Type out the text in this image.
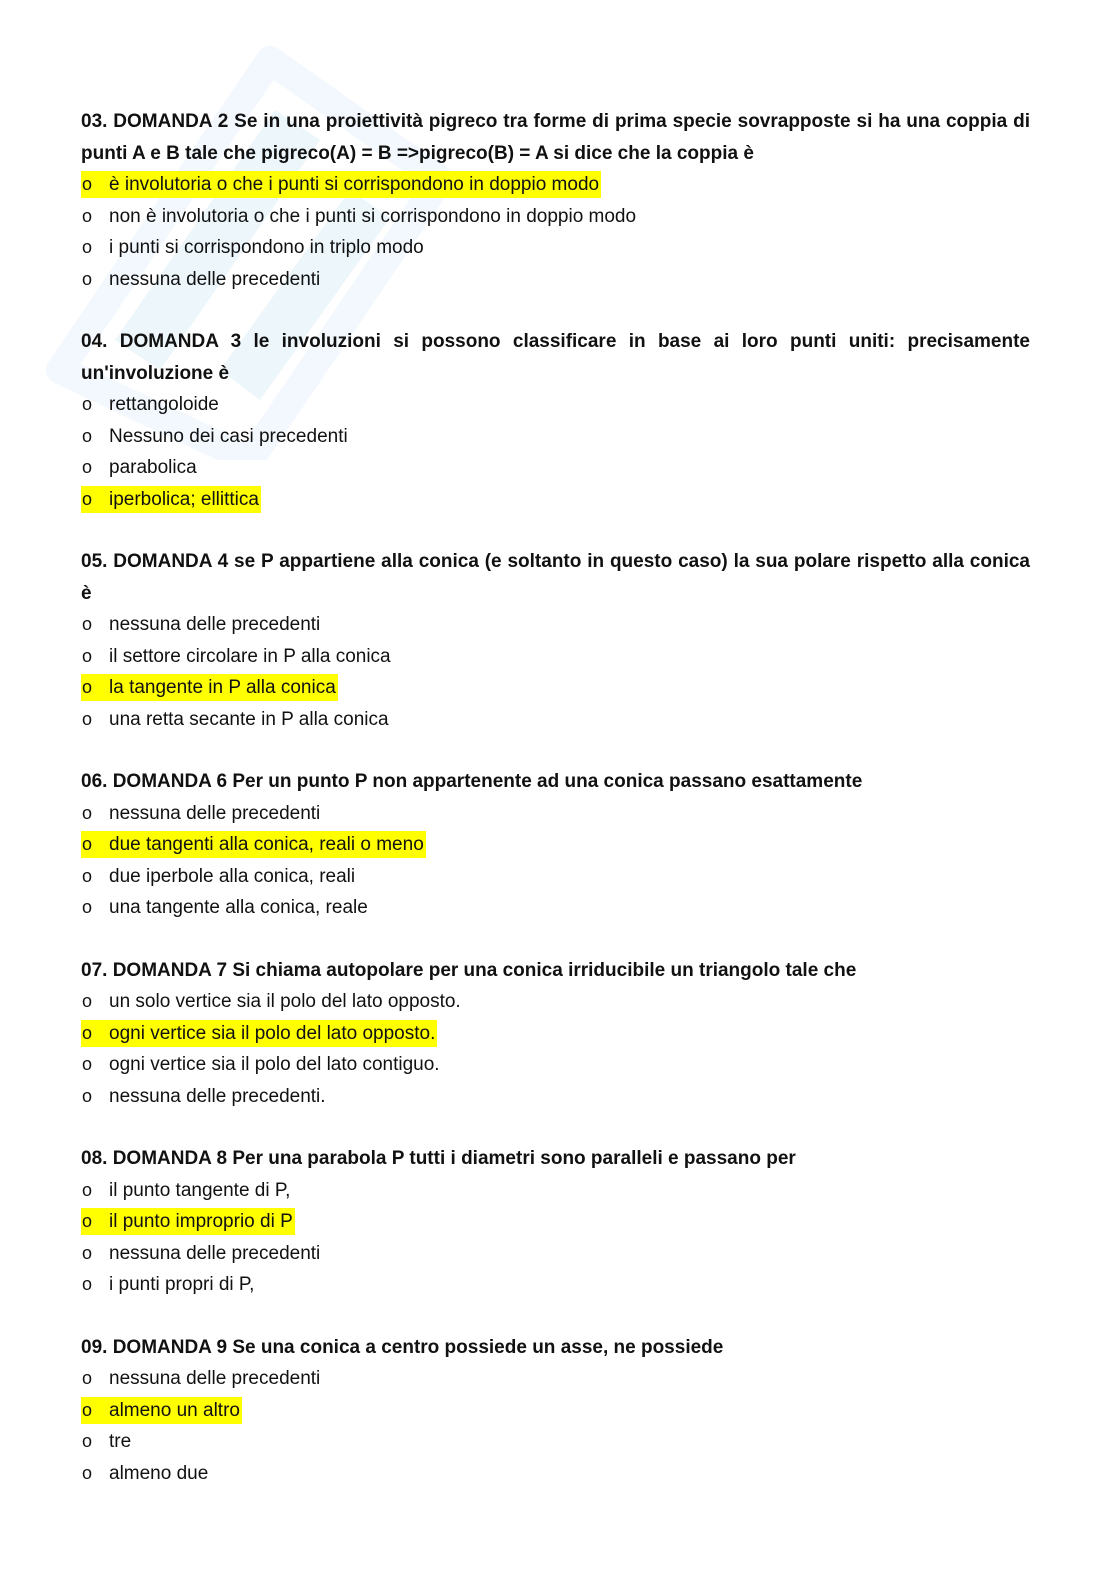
03. DOMANDA 2 Se in una proiettività pigreco tra forme di prima specie sovrapposte si ha una coppia di punti A e B tale che pigreco(A) = B =>pigreco(B) = A si dice che la coppia è

o è involutoria o che i punti si corrispondono in doppio modo
o non è involutoria o che i punti si corrispondono in doppio modo
o i punti si corrispondono in triplo modo
o nessuna delle precedenti

04. DOMANDA 3 le involuzioni si possono classificare in base ai loro punti uniti: precisamente un'involuzione è

o rettangoloide
o Nessuno dei casi precedenti
o parabolica
o iperbolica; ellittica

05. DOMANDA 4 se P appartiene alla conica (e soltanto in questo caso) la sua polare rispetto alla conica è

o nessuna delle precedenti
o il settore circolare in P alla conica
o la tangente in P alla conica
o una retta secante in P alla conica

06. DOMANDA 6 Per un punto P non appartenente ad una conica passano esattamente

o nessuna delle precedenti
o due tangenti alla conica, reali o meno
o due iperbole alla conica, reali
o una tangente alla conica, reale

07. DOMANDA 7 Si chiama autopolare per una conica irriducibile un triangolo tale che

o un solo vertice sia il polo del lato opposto.
o ogni vertice sia il polo del lato opposto.
o ogni vertice sia il polo del lato contiguo.
o nessuna delle precedenti.

08. DOMANDA 8 Per una parabola P tutti i diametri sono paralleli e passano per

o il punto tangente di P,
o il punto improprio di P
o nessuna delle precedenti
o i punti propri di P,

09. DOMANDA 9 Se una conica a centro possiede un asse, ne possiede

o nessuna delle precedenti
o almeno un altro
o tre
o almeno due
